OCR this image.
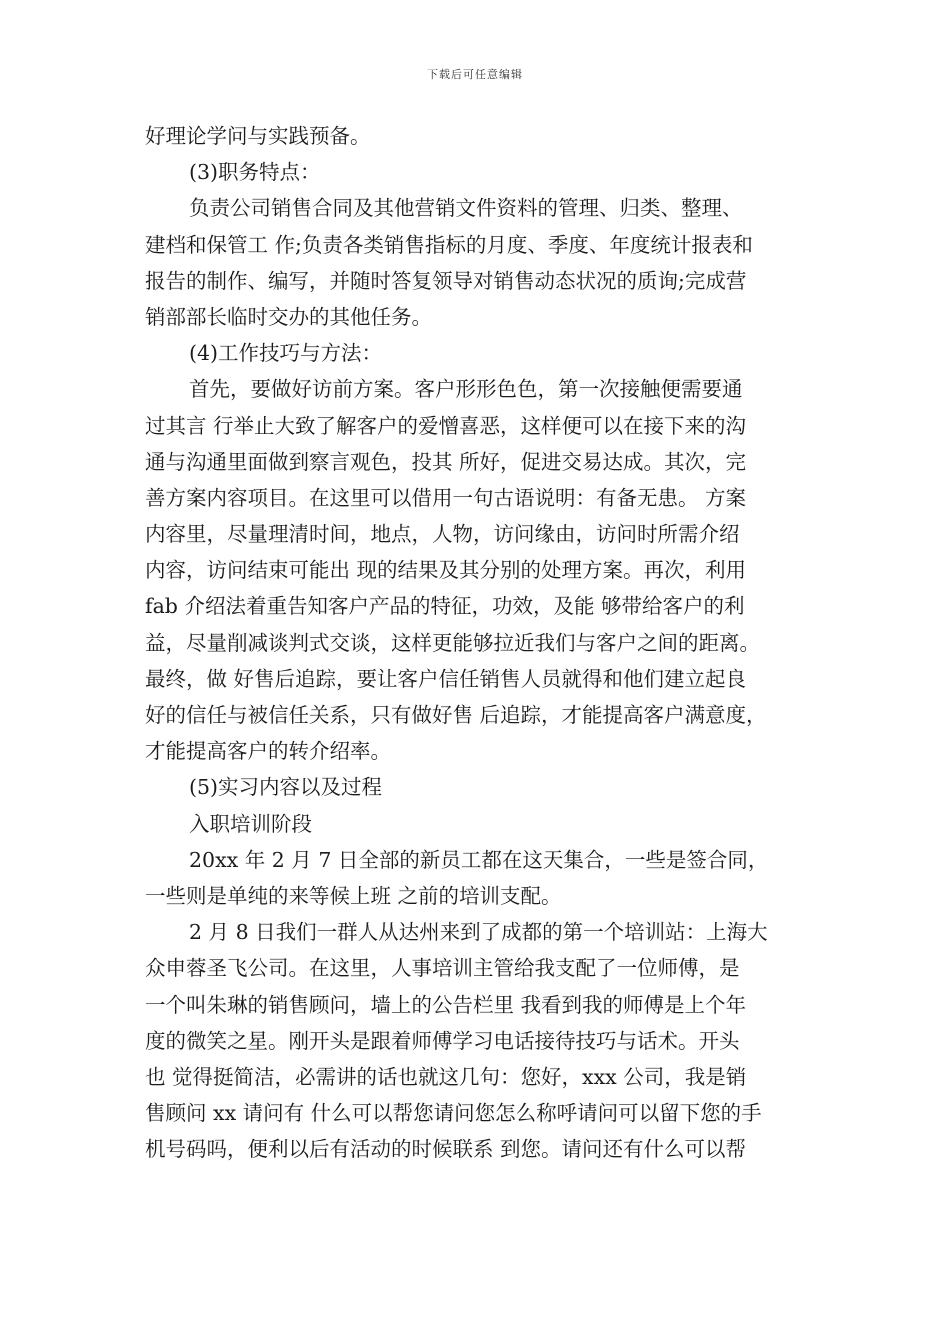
下载后可任意编辑
好理论学问与实践预备。
(3)职务特点：
负责公司销售合同及其他营销文件资料的管理、归类、整理、
建档和保管工 作;负责各类销售指标的月度、季度、年度统计报表和
报告的制作、编写，并随时答复领导对销售动态状况的质询;完成营
销部部长临时交办的其他任务。
(4)工作技巧与方法：
首先，要做好访前方案。客户形形色色，第一次接触便需要通
过其言 行举止大致了解客户的爱憎喜恶，这样便可以在接下来的沟
通与沟通里面做到察言观色，投其 所好，促进交易达成。其次，完
善方案内容项目。在这里可以借用一句古语说明：有备无患。 方案
内容里，尽量理清时间，地点，人物，访问缘由，访问时所需介绍
内容，访问结束可能出 现的结果及其分别的处理方案。再次，利用
fab 介绍法着重告知客户产品的特征，功效，及能 够带给客户的利
益，尽量削减谈判式交谈，这样更能够拉近我们与客户之间的距离。
最终，做 好售后追踪，要让客户信任销售人员就得和他们建立起良
好的信任与被信任关系，只有做好售 后追踪，才能提高客户满意度，
才能提高客户的转介绍率。
(5)实习内容以及过程
入职培训阶段
20xx 年 2 月 7 日全部的新员工都在这天集合，一些是签合同，
一些则是单纯的来等候上班 之前的培训支配。
2 月 8 日我们一群人从达州来到了成都的第一个培训站：上海大
众申蓉圣飞公司。在这里，人事培训主管给我支配了一位师傅，是
一个叫朱琳的销售顾问，墙上的公告栏里 我看到我的师傅是上个年
度的微笑之星。刚开头是跟着师傅学习电话接待技巧与话术。开头
也 觉得挺简洁，必需讲的话也就这几句：您好，xxx 公司，我是销
售顾问 xx 请问有 什么可以帮您请问您怎么称呼请问可以留下您的手
机号码吗，便利以后有活动的时候联系 到您。请问还有什么可以帮
